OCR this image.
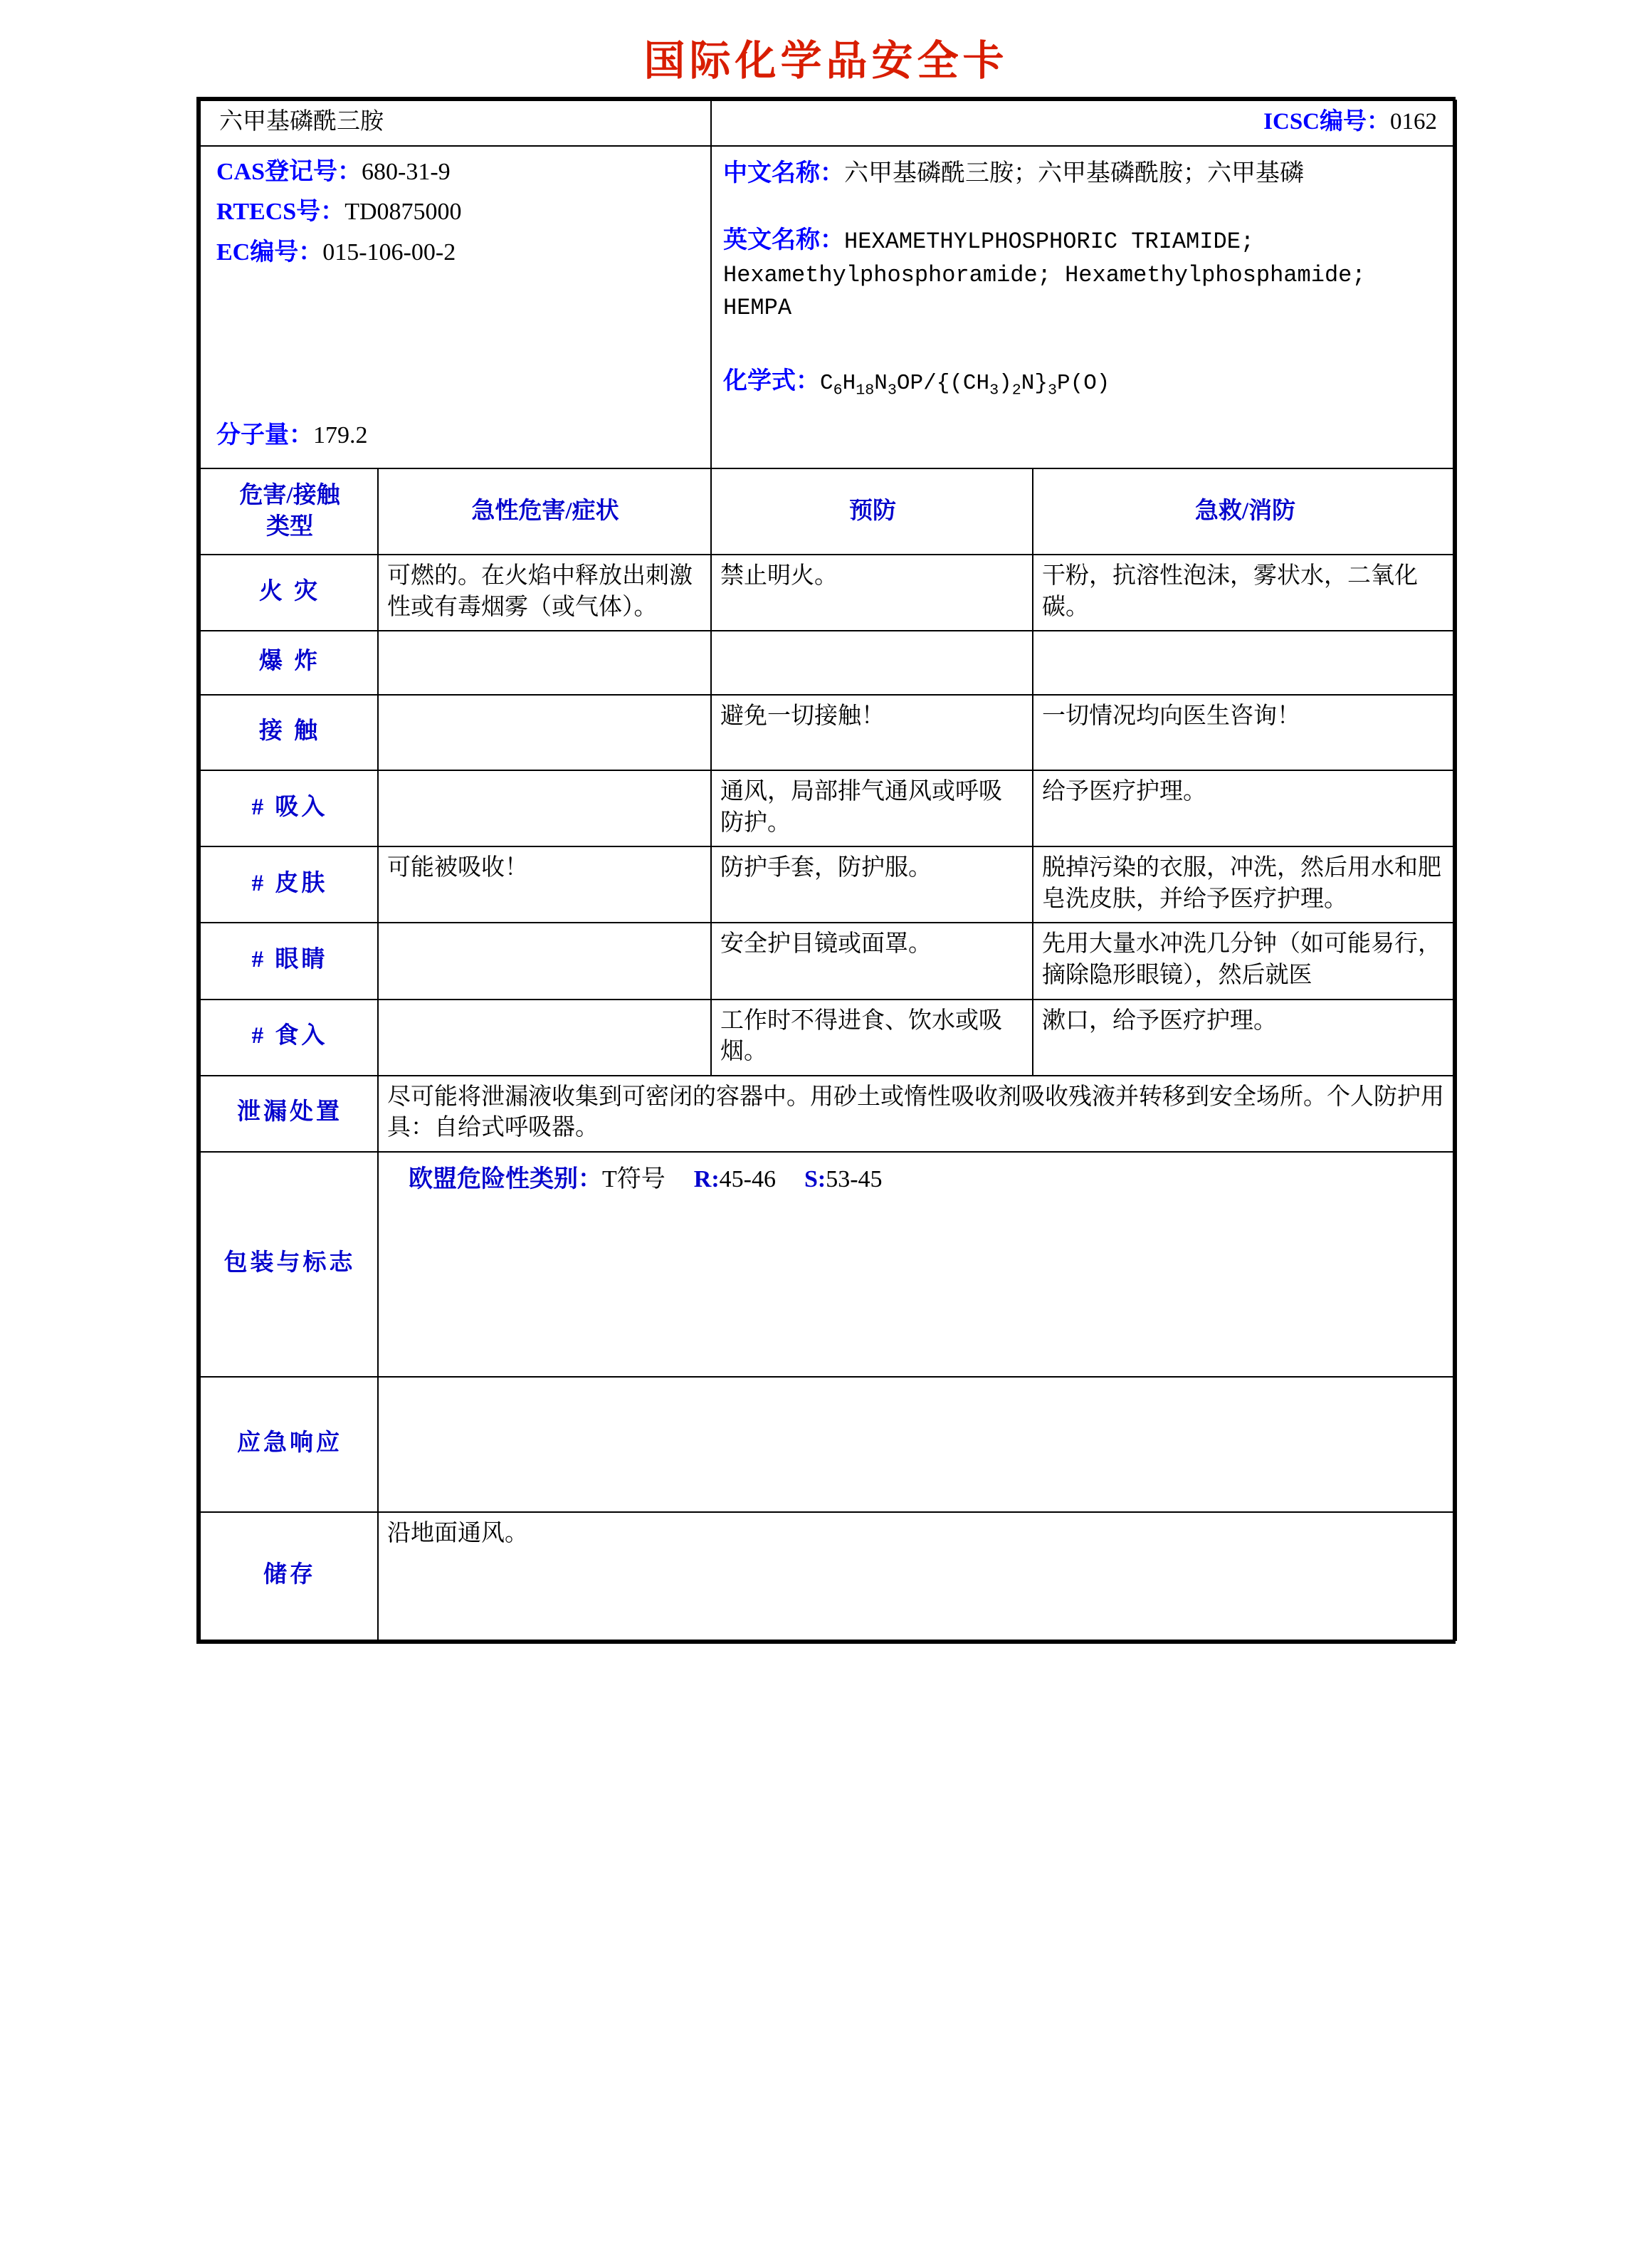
国际化学品安全卡
六甲基磷酰三胺		ICSC编号：0162	

CAS登记号：680-31-9
RTECS号：TD0875000
EC编号：015-106-00-2
分子量：179.2

中文名称：六甲基磷酰三胺；六甲基磷酰胺；六甲基磷
英文名称：HEXAMETHYLPHOSPHORIC TRIAMIDE; Hexamethylphosphoramide; Hexamethylphosphamide; HEMPA
化学式：$C_6H_{18}N_3OP/\{(CH_3)_2N\}_3P(O)$

危害/接触
类型	急性危害/症状	预防	急救/消防
火 灾	可燃的。在火焰中释放出刺激性或有毒烟雾（或气体）。	禁止明火。	干粉，抗溶性泡沫，雾状水，二氧化碳。
爆 炸			
接 触		避免一切接触！	一切情况均向医生咨询！
# 吸入		通风，局部排气通风或呼吸防护。	给予医疗护理。
# 皮肤	可能被吸收！	防护手套，防护服。	脱掉污染的衣服，冲洗，然后用水和肥皂洗皮肤，并给予医疗护理。
# 眼睛		安全护目镜或面罩。	先用大量水冲洗几分钟（如可能易行，摘除隐形眼镜），然后就医
# 食入		工作时不得进食、饮水或吸烟。	漱口，给予医疗护理。
泄漏处置	尽可能将泄漏液收集到可密闭的容器中。用砂土或惰性吸收剂吸收残液并转移到安全场所。个人防护用具：自给式呼吸器。		
包装与标志	欧盟危险性类别：T符号 R:45-46 S:53-45		

应急响应			
储存	沿地面通风。		
